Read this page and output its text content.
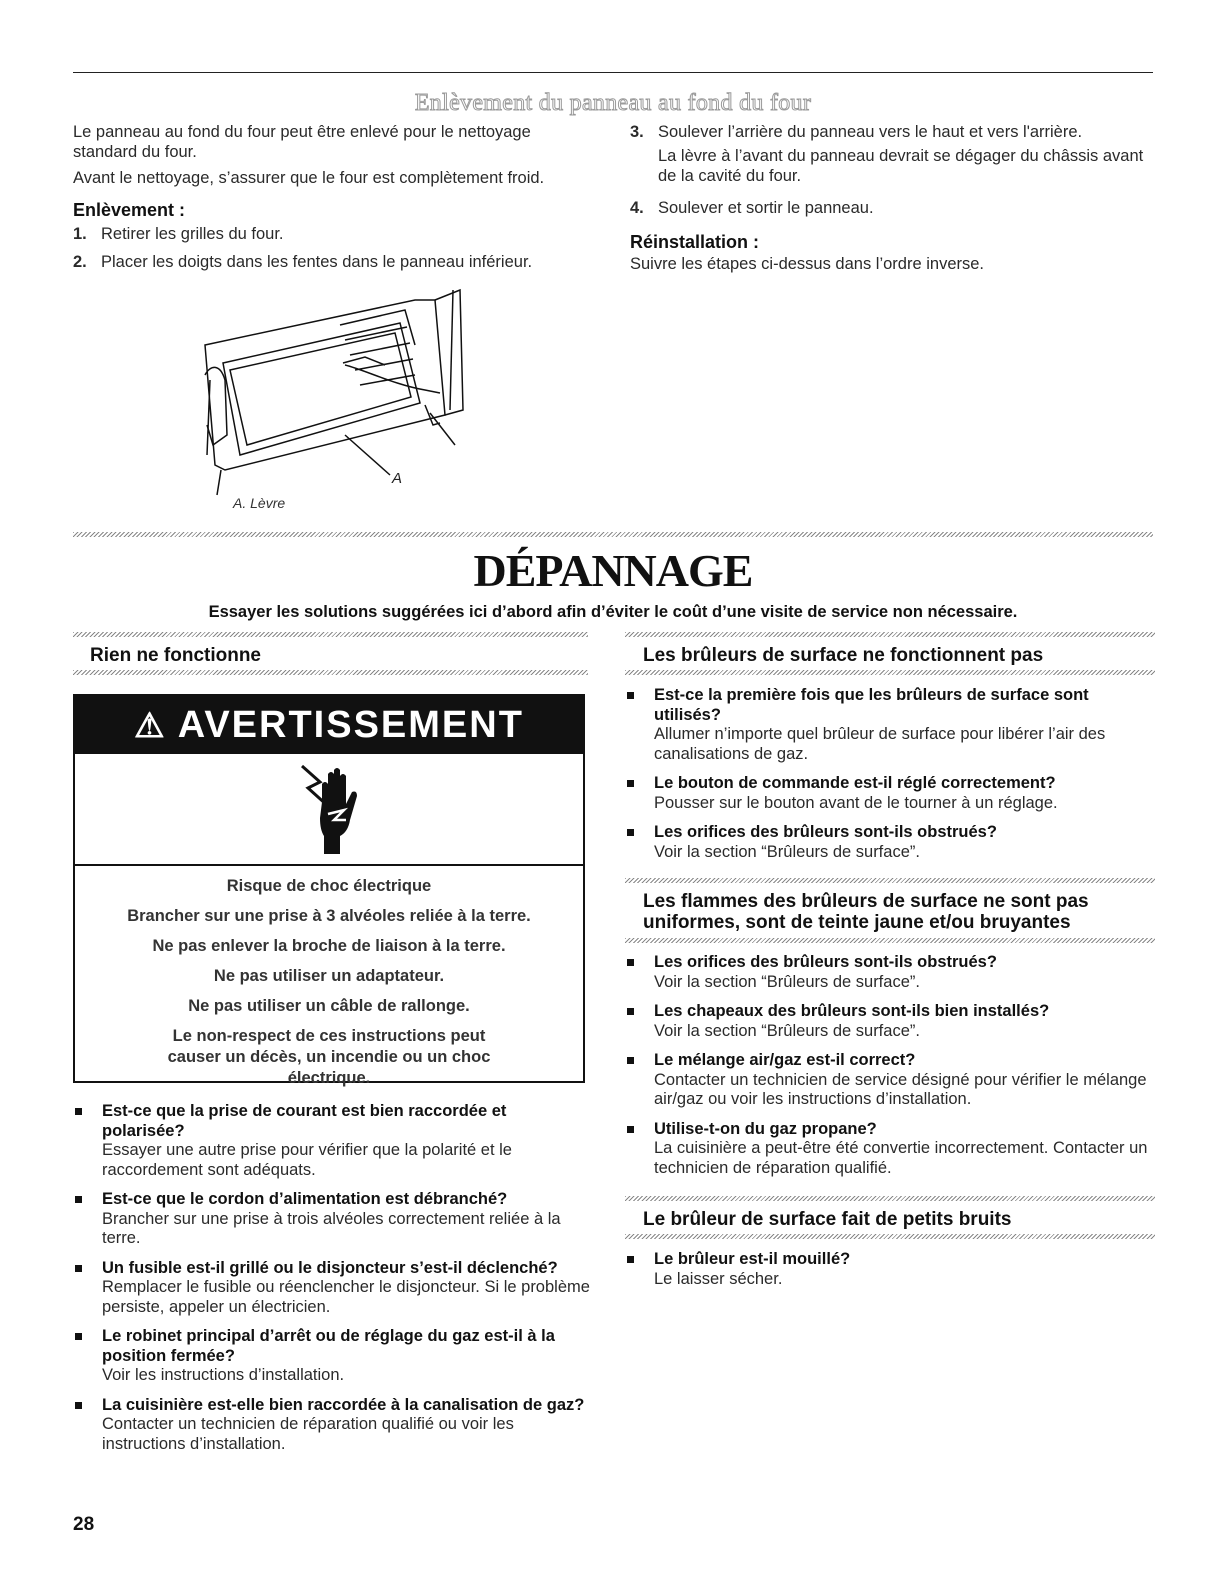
Enlèvement du panneau au fond du four

Le panneau au fond du four peut être enlevé pour le nettoyage standard du four.

Avant le nettoyage, s’assurer que le four est complètement froid.

Enlèvement :

1. Retirer les grilles du four.
2. Placer les doigts dans les fentes dans le panneau inférieur.
3. Soulever l’arrière du panneau vers le haut et vers l'arrière.

La lèvre à l’avant du panneau devrait se dégager du châssis avant de la cavité du four.

4. Soulever et sortir le panneau.

Réinstallation :

Suivre les étapes ci-dessus dans l’ordre inverse.

A
A. Lèvre
DÉPANNAGE
Essayer les solutions suggérées ici d’abord afin d’éviter le coût d’une visite de service non nécessaire.
Rien ne fonctionne
⚠ AVERTISSEMENT

Risque de choc électrique

Brancher sur une prise à 3 alvéoles reliée à la terre.

Ne pas enlever la broche de liaison à la terre.

Ne pas utiliser un adaptateur.

Ne pas utiliser un câble de rallonge.

Le non-respect de ces instructions peut causer un décès, un incendie ou un choc électrique.

Est-ce que la prise de courant est bien raccordée et polarisée?
Essayer une autre prise pour vérifier que la polarité et le raccordement sont adéquats.
Est-ce que le cordon d’alimentation est débranché?
Brancher sur une prise à trois alvéoles correctement reliée à la terre.
Un fusible est-il grillé ou le disjoncteur s’est-il déclenché?
Remplacer le fusible ou réenclencher le disjoncteur. Si le problème persiste, appeler un électricien.
Le robinet principal d’arrêt ou de réglage du gaz est-il à la position fermée?
Voir les instructions d’installation.
La cuisinière est-elle bien raccordée à la canalisation de gaz?
Contacter un technicien de réparation qualifié ou voir les instructions d’installation.
Les brûleurs de surface ne fonctionnent pas
Est-ce la première fois que les brûleurs de surface sont utilisés?
Allumer n’importe quel brûleur de surface pour libérer l’air des canalisations de gaz.
Le bouton de commande est-il réglé correctement?
Pousser sur le bouton avant de le tourner à un réglage.
Les orifices des brûleurs sont-ils obstrués?
Voir la section “Brûleurs de surface”.
Les flammes des brûleurs de surface ne sont pas uniformes, sont de teinte jaune et/ou bruyantes
Les orifices des brûleurs sont-ils obstrués?
Voir la section “Brûleurs de surface”.
Les chapeaux des brûleurs sont-ils bien installés?
Voir la section “Brûleurs de surface”.
Le mélange air/gaz est-il correct?
Contacter un technicien de service désigné pour vérifier le mélange air/gaz ou voir les instructions d’installation.
Utilise-t-on du gaz propane?
La cuisinière a peut-être été convertie incorrectement. Contacter un technicien de réparation qualifié.
Le brûleur de surface fait de petits bruits
Le brûleur est-il mouillé?
Le laisser sécher.
28
